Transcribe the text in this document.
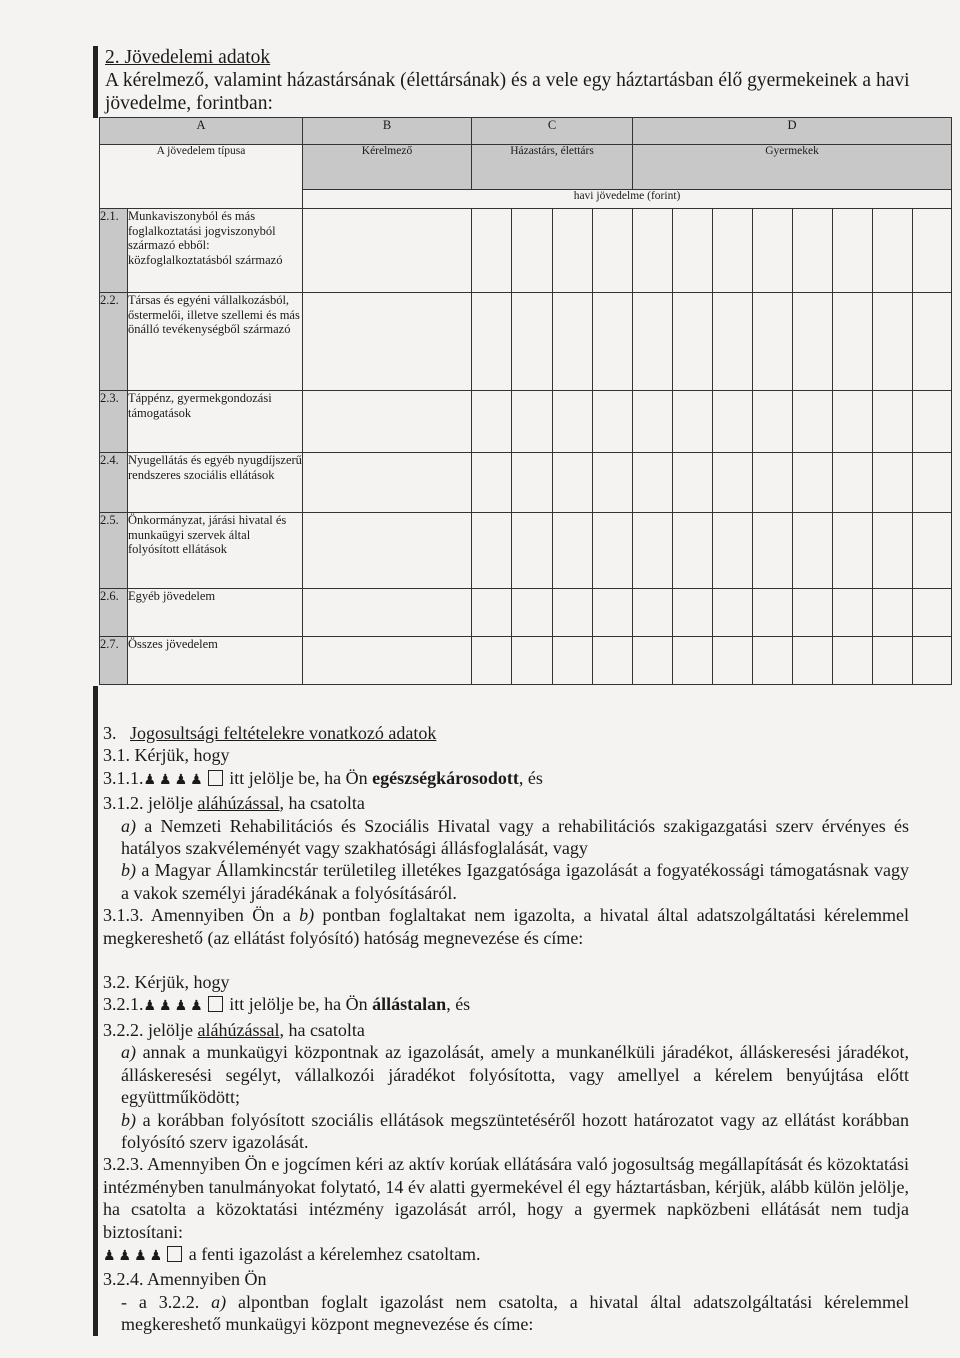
2. Jövedelemi adatok
A kérelmező, valamint házastársának (élettársának) és a vele egy háztartásban élő gyermekeinek a havi jövedelme, forintban:
A		B	C				D							
A jövedelem típusa		Kérelmező	Házastárs, élettárs				Gyermekek							
		havi jövedelme (forint)												
2.1.	Munkaviszonyból és más foglalkoztatási jogviszonyból származó ebből: közfoglalkoztatásból származó													
2.2.	Társas és egyéni vállalkozásból, őstermelői, illetve szellemi és más önálló tevékenységből származó													
2.3.	Táppénz, gyermekgondozási támogatások													
2.4.	Nyugellátás és egyéb nyugdíjszerű rendszeres szociális ellátások													
2.5.	Önkormányzat, járási hivatal és munkaügyi szervek által folyósított ellátások													
2.6.	Egyéb jövedelem													
2.7.	Összes jövedelem													

3.   Jogosultsági feltételekre vonatkozó adatok

3.1. Kérjük, hogy

3.1.1.♟♟♟♟ itt jelölje be, ha Ön egészségkárosodott, és

3.1.2. jelölje aláhúzással, ha csatolta

a) a Nemzeti Rehabilitációs és Szociális Hivatal vagy a rehabilitációs szakigazgatási szerv érvényes és hatályos szakvéleményét vagy szakhatósági állásfoglalását, vagy

b) a Magyar Államkincstár területileg illetékes Igazgatósága igazolását a fogyatékossági támogatásnak vagy a vakok személyi járadékának a folyósításáról.

3.1.3. Amennyiben Ön a b) pontban foglaltakat nem igazolta, a hivatal által adatszolgáltatási kérelemmel megkereshető (az ellátást folyósító) hatóság megnevezése és címe:

3.2. Kérjük, hogy

3.2.1.♟♟♟♟ itt jelölje be, ha Ön állástalan, és

3.2.2. jelölje aláhúzással, ha csatolta

a) annak a munkaügyi központnak az igazolását, amely a munkanélküli járadékot, álláskeresési járadékot, álláskeresési segélyt, vállalkozói járadékot folyósította, vagy amellyel a kérelem benyújtása előtt együttműködött;

b) a korábban folyósított szociális ellátások megszüntetéséről hozott határozatot vagy az ellátást korábban folyósító szerv igazolását.

3.2.3. Amennyiben Ön e jogcímen kéri az aktív korúak ellátására való jogosultság megállapítását és közoktatási intézményben tanulmányokat folytató, 14 év alatti gyermekével él egy háztartásban, kérjük, alább külön jelölje, ha csatolta a közoktatási intézmény igazolását arról, hogy a gyermek napközbeni ellátását nem tudja biztosítani:

♟♟♟♟ a fenti igazolást a kérelemhez csatoltam.

3.2.4. Amennyiben Ön

- a 3.2.2. a) alpontban foglalt igazolást nem csatolta, a hivatal által adatszolgáltatási kérelemmel megkereshető munkaügyi központ megnevezése és címe:
